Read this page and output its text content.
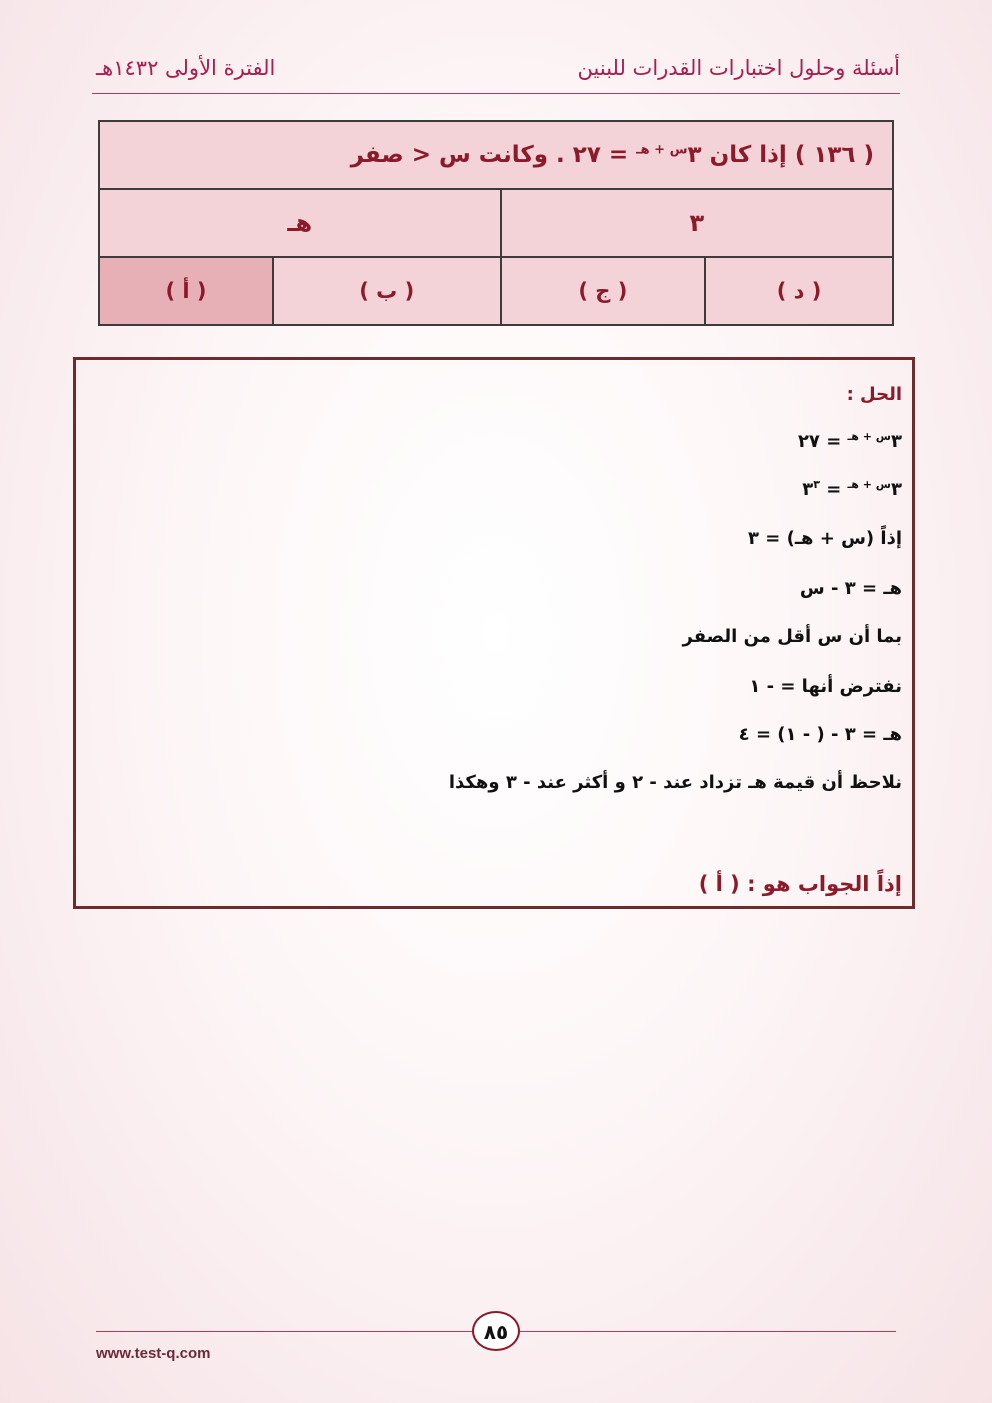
أسئلة وحلول اختبارات القدرات للبنين
الفترة الأولى ١٤٣٢هـ
( ١٣٦ ) إذا كان $٣^{س + هـ}$ = ٢٧ . وكانت س < صفر			
هـ		٣	
( أ )	( ب )	( ج )	( د )
الحل :
$٣^{س + هـ}$ = ٢٧
$٣^{س + هـ}$ = $٣^٣$
إذاً (س + هـ) = ٣
هـ = ٣ - س
بما أن س أقل من الصفر
نفترض أنها = - ١
هـ = ٣ - ( - ١) = ٤
نلاحظ أن قيمة هـ تزداد عند - ٢ و أكثر عند - ٣ وهكذا
إذاً الجواب هو : ( أ )
٨٥
www.test-q.com
